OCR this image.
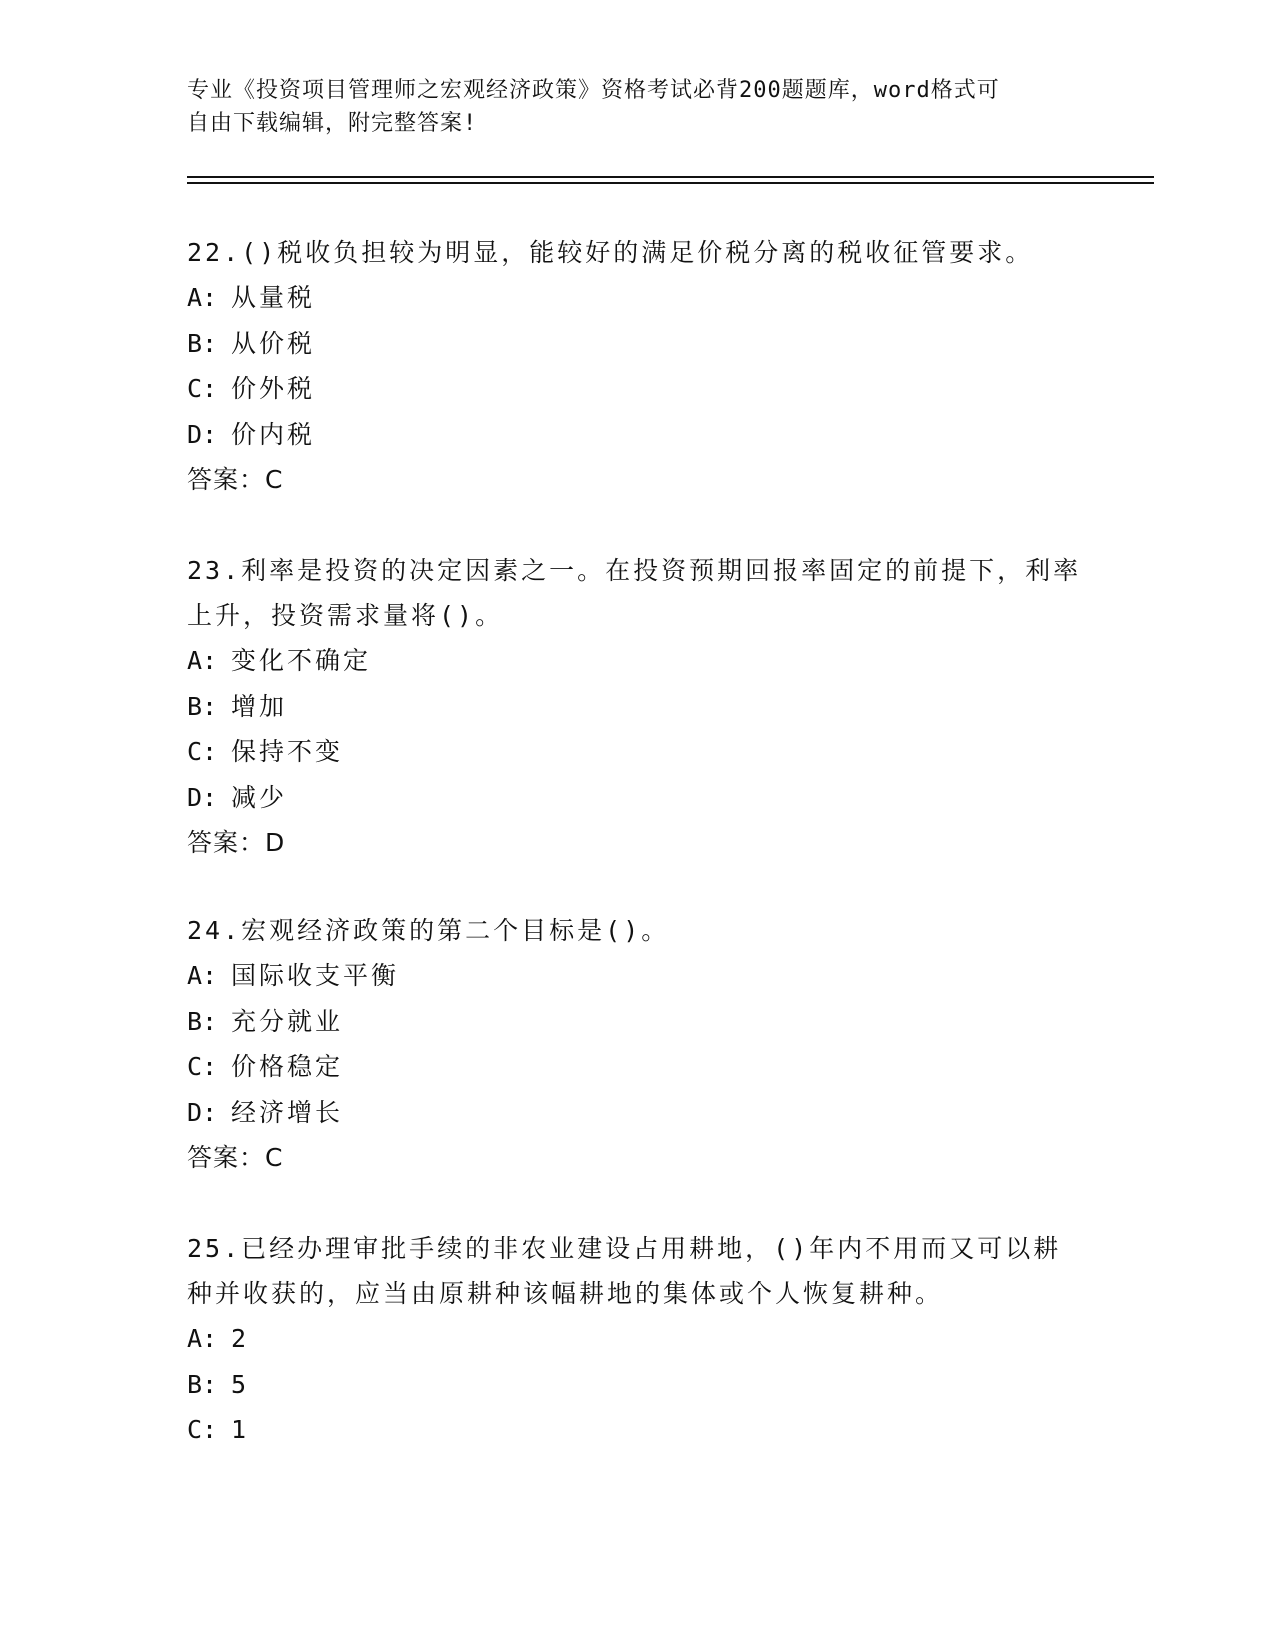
专业《投资项目管理师之宏观经济政策》资格考试必背200题题库，word格式可
自由下载编辑，附完整答案!

22.()税收负担较为明显，能较好的满足价税分离的税收征管要求。

A: 从量税

B: 从价税

C: 价外税

D: 价内税

答案：C

23.利率是投资的决定因素之一。在投资预期回报率固定的前提下，利率上升，投资需求量将()。

A: 变化不确定

B: 增加

C: 保持不变

D: 减少

答案：D

24.宏观经济政策的第二个目标是()。

A: 国际收支平衡

B: 充分就业

C: 价格稳定

D: 经济增长

答案：C

25.已经办理审批手续的非农业建设占用耕地，()年内不用而又可以耕种并收获的，应当由原耕种该幅耕地的集体或个人恢复耕种。

A: 2

B: 5

C: 1
